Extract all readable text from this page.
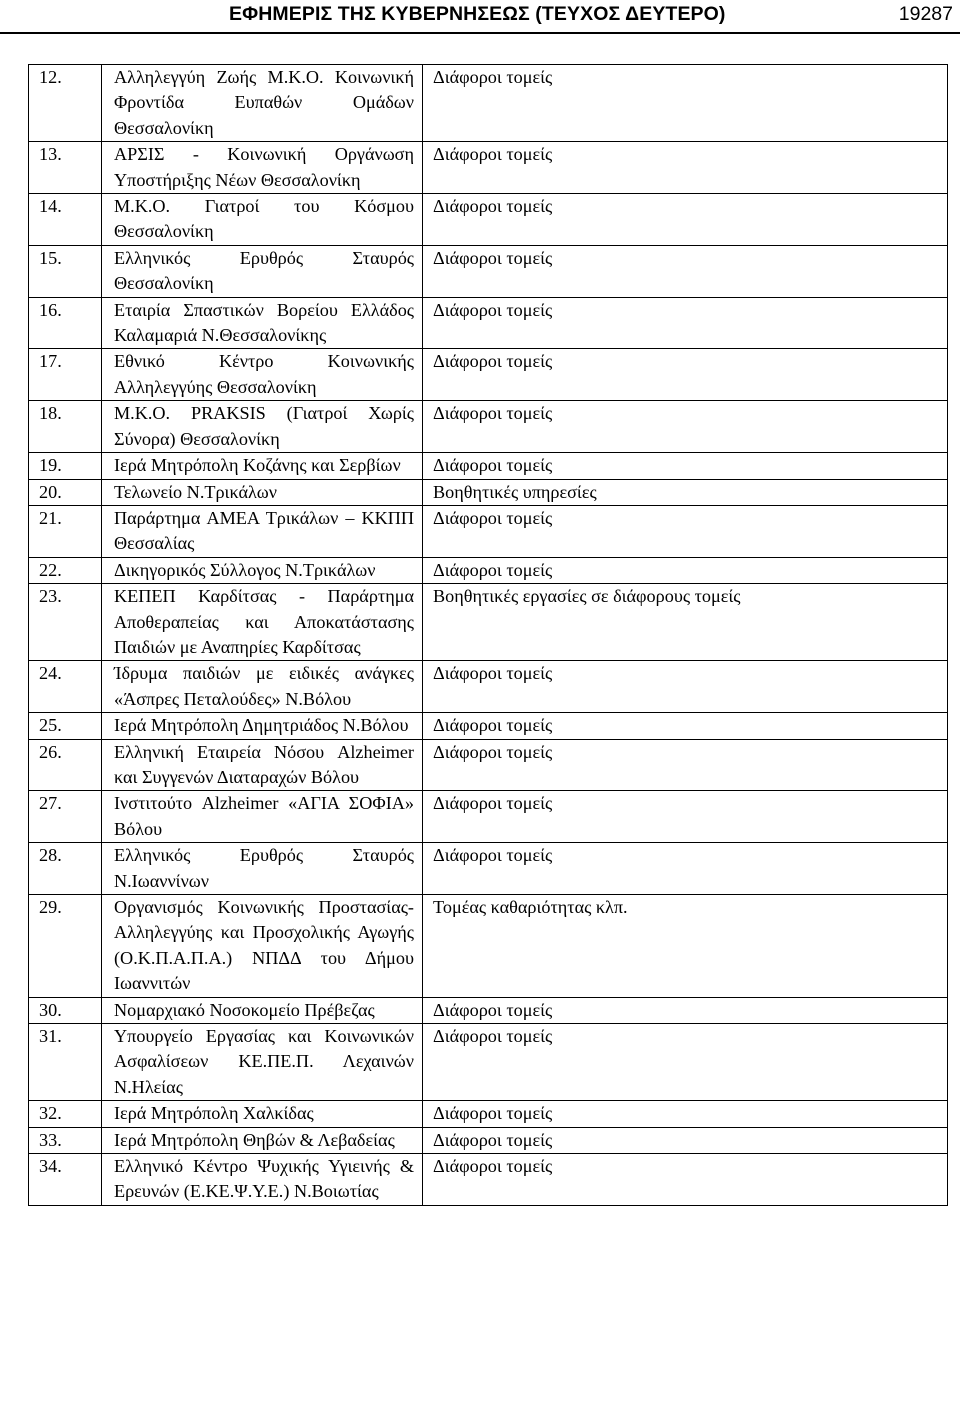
ΕΦΗΜΕΡΙΣ ΤΗΣ ΚΥΒΕΡΝΗΣΕΩΣ (ΤΕΥΧΟΣ ΔΕΥΤΕΡΟ)	19287
12.	Αλληλεγγύη Ζωής Μ.Κ.Ο. Κοινωνική Φροντίδα Ευπαθών Ομάδων Θεσσαλονίκη	Διάφοροι τομείς
13.	ΑΡΣΙΣ - Κοινωνική Οργάνωση Υποστήριξης Νέων Θεσσαλονίκη	Διάφοροι τομείς
14.	Μ.Κ.Ο. Γιατροί του Κόσμου Θεσσαλονίκη	Διάφοροι τομείς
15.	Ελληνικός Ερυθρός Σταυρός Θεσσαλονίκη	Διάφοροι τομείς
16.	Εταιρία Σπαστικών Βορείου Ελλάδος Καλαμαριά Ν.Θεσσαλονίκης	Διάφοροι τομείς
17.	Εθνικό Κέντρο Κοινωνικής Αλληλεγγύης Θεσσαλονίκη	Διάφοροι τομείς
18.	Μ.Κ.Ο. PRAKSIS (Γιατροί Χωρίς Σύνορα) Θεσσαλονίκη	Διάφοροι τομείς
19.	Ιερά Μητρόπολη Κοζάνης και Σερβίων	Διάφοροι τομείς
20.	Τελωνείο Ν.Τρικάλων	Βοηθητικές υπηρεσίες
21.	Παράρτημα ΑΜΕΑ Τρικάλων – ΚΚΠΠ Θεσσαλίας	Διάφοροι τομείς
22.	Δικηγορικός Σύλλογος Ν.Τρικάλων	Διάφοροι τομείς
23.	ΚΕΠΕΠ Καρδίτσας - Παράρτημα Αποθεραπείας και Αποκατάστασης Παιδιών με Αναπηρίες Καρδίτσας	Βοηθητικές εργασίες σε διάφορους τομείς
24.	Ίδρυμα παιδιών με ειδικές ανάγκες «Άσπρες Πεταλούδες» Ν.Βόλου	Διάφοροι τομείς
25.	Ιερά Μητρόπολη Δημητριάδος Ν.Βόλου	Διάφοροι τομείς
26.	Ελληνική Εταιρεία Νόσου Alzheimer και Συγγενών Διαταραχών Βόλου	Διάφοροι τομείς
27.	Ινστιτούτο Alzheimer «ΑΓΙΑ ΣΟΦΙΑ» Βόλου	Διάφοροι τομείς
28.	Ελληνικός Ερυθρός Σταυρός Ν.Ιωαννίνων	Διάφοροι τομείς
29.	Οργανισμός Κοινωνικής Προστασίας-Αλληλεγγύης και Προσχολικής Αγωγής (Ο.Κ.Π.Α.Π.Α.) ΝΠΔΔ του Δήμου Ιωαννιτών	Τομέας καθαριότητας κλπ.
30.	Νομαρχιακό Νοσοκομείο Πρέβεζας	Διάφοροι τομείς
31.	Υπουργείο Εργασίας και Κοινωνικών Ασφαλίσεων ΚΕ.ΠΕ.Π. Λεχαινών Ν.Ηλείας	Διάφοροι τομείς
32.	Ιερά Μητρόπολη Χαλκίδας	Διάφοροι τομείς
33.	Ιερά Μητρόπολη Θηβών & Λεβαδείας	Διάφοροι τομείς
34.	Ελληνικό Κέντρο Ψυχικής Υγιεινής & Ερευνών (Ε.ΚΕ.Ψ.Υ.Ε.) Ν.Βοιωτίας	Διάφοροι τομείς
